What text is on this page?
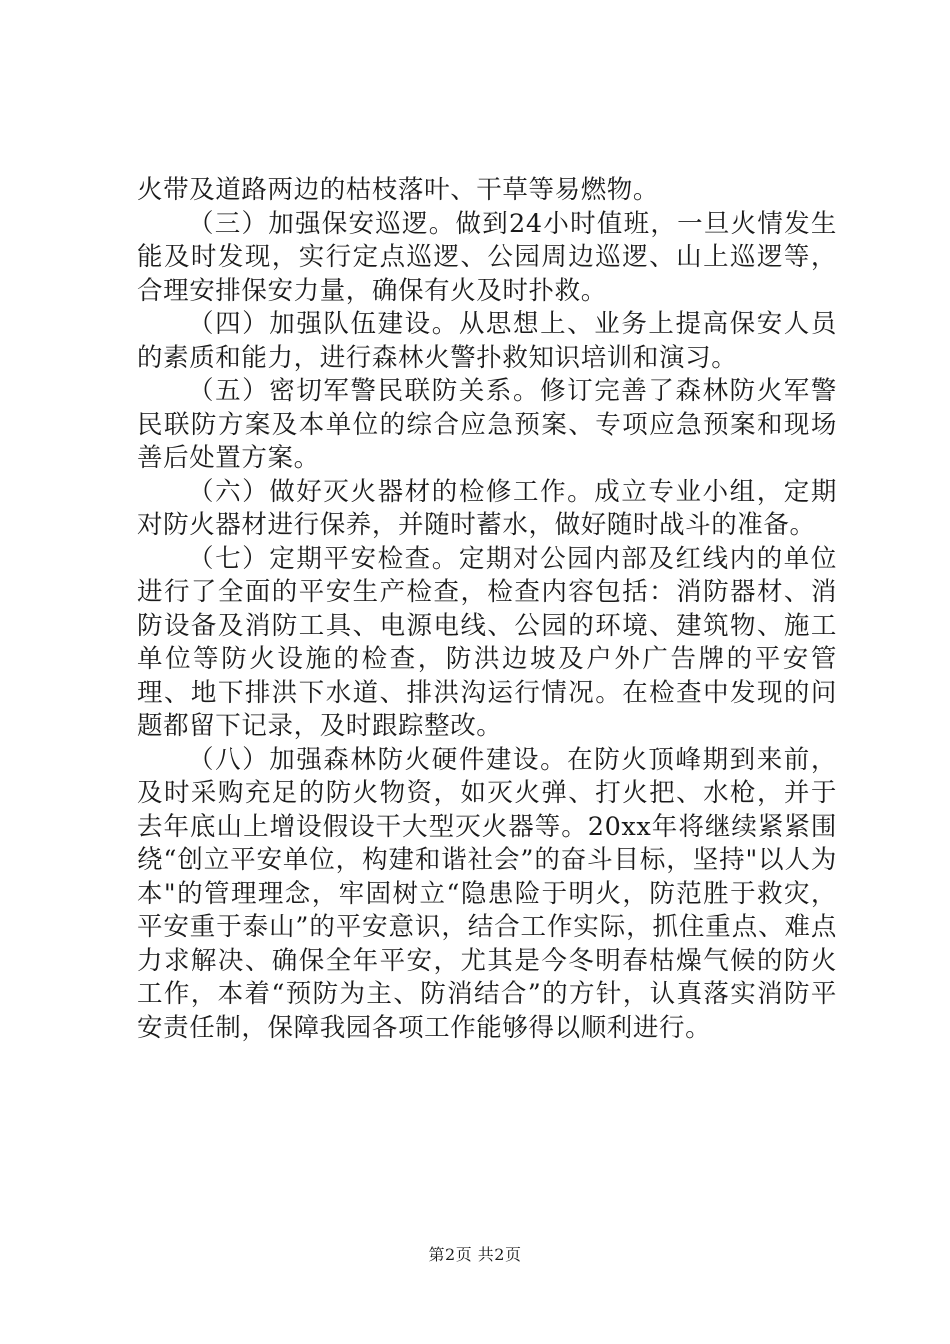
火带及道路两边的枯枝落叶、干草等易燃物。

（三）加强保安巡逻。做到24小时值班，一旦火情发生能及时发现，实行定点巡逻、公园周边巡逻、山上巡逻等，合理安排保安力量，确保有火及时扑救。

（四）加强队伍建设。从思想上、业务上提高保安人员的素质和能力，进行森林火警扑救知识培训和演习。

（五）密切军警民联防关系。修订完善了森林防火军警民联防方案及本单位的综合应急预案、专项应急预案和现场善后处置方案。

（六）做好灭火器材的检修工作。成立专业小组，定期对防火器材进行保养，并随时蓄水，做好随时战斗的准备。

（七）定期平安检查。定期对公园内部及红线内的单位进行了全面的平安生产检查，检查内容包括：消防器材、消防设备及消防工具、电源电线、公园的环境、建筑物、施工单位等防火设施的检查，防洪边坡及户外广告牌的平安管理、地下排洪下水道、排洪沟运行情况。在检查中发现的问题都留下记录，及时跟踪整改。

（八）加强森林防火硬件建设。在防火顶峰期到来前，及时采购充足的防火物资，如灭火弹、打火把、水枪，并于去年底山上增设假设干大型灭火器等。20xx年将继续紧紧围绕“创立平安单位，构建和谐社会”的奋斗目标，坚持"以人为本"的管理理念，牢固树立“隐患险于明火，防范胜于救灾，平安重于泰山”的平安意识，结合工作实际，抓住重点、难点力求解决、确保全年平安，尤其是今冬明春枯燥气候的防火工作，本着“预防为主、防消结合”的方针，认真落实消防平安责任制，保障我园各项工作能够得以顺利进行。

第2页 共2页
